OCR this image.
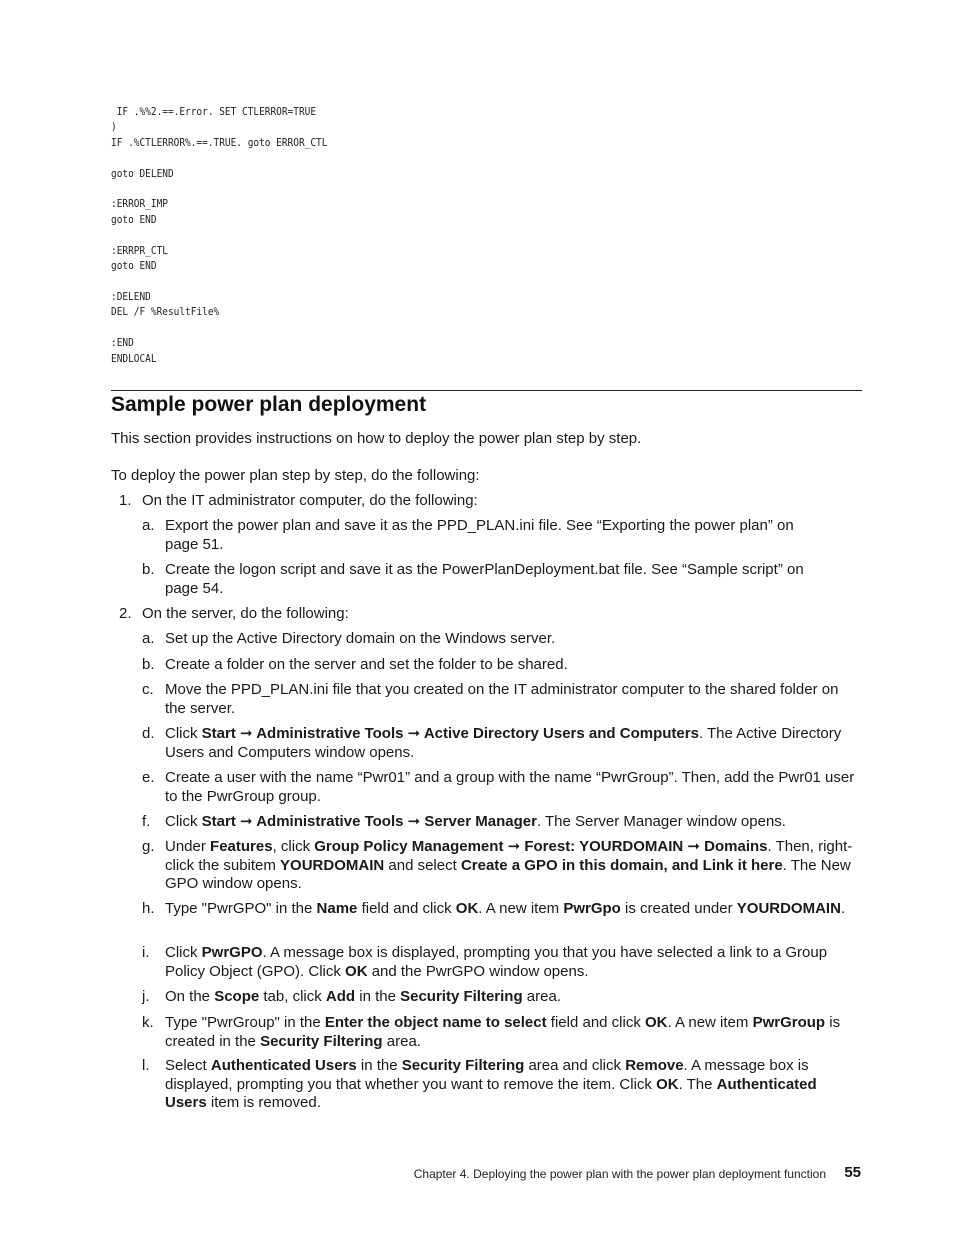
IF .%%2.==.Error. SET CTLERROR=TRUE
)
IF .%CTLERROR%.==.TRUE. goto ERROR_CTL

goto DELEND

:ERROR_IMP
goto END

:ERRPR_CTL
goto END

:DELEND
DEL /F %ResultFile%

:END
ENDLOCAL
Sample power plan deployment
This section provides instructions on how to deploy the power plan step by step.
To deploy the power plan step by step, do the following:
1. On the IT administrator computer, do the following:
a. Export the power plan and save it as the PPD_PLAN.ini file. See “Exporting the power plan” on page 51.
b. Create the logon script and save it as the PowerPlanDeployment.bat file. See “Sample script” on page 54.
2. On the server, do the following:
a. Set up the Active Directory domain on the Windows server.
b. Create a folder on the server and set the folder to be shared.
c. Move the PPD_PLAN.ini file that you created on the IT administrator computer to the shared folder on the server.
d. Click Start ➞ Administrative Tools ➞ Active Directory Users and Computers. The Active Directory Users and Computers window opens.
e. Create a user with the name “Pwr01” and a group with the name “PwrGroup”. Then, add the Pwr01 user to the PwrGroup group.
f. Click Start ➞ Administrative Tools ➞ Server Manager. The Server Manager window opens.
g. Under Features, click Group Policy Management ➞ Forest: YOURDOMAIN ➞ Domains. Then, right-click the subitem YOURDOMAIN and select Create a GPO in this domain, and Link it here. The New GPO window opens.
h. Type "PwrGPO" in the Name field and click OK. A new item PwrGpo is created under YOURDOMAIN.
i. Click PwrGPO. A message box is displayed, prompting you that you have selected a link to a Group Policy Object (GPO). Click OK and the PwrGPO window opens.
j. On the Scope tab, click Add in the Security Filtering area.
k. Type "PwrGroup" in the Enter the object name to select field and click OK. A new item PwrGroup is created in the Security Filtering area.
l. Select Authenticated Users in the Security Filtering area and click Remove. A message box is displayed, prompting you that whether you want to remove the item. Click OK. The Authenticated Users item is removed.
Chapter 4. Deploying the power plan with the power plan deployment function 55
